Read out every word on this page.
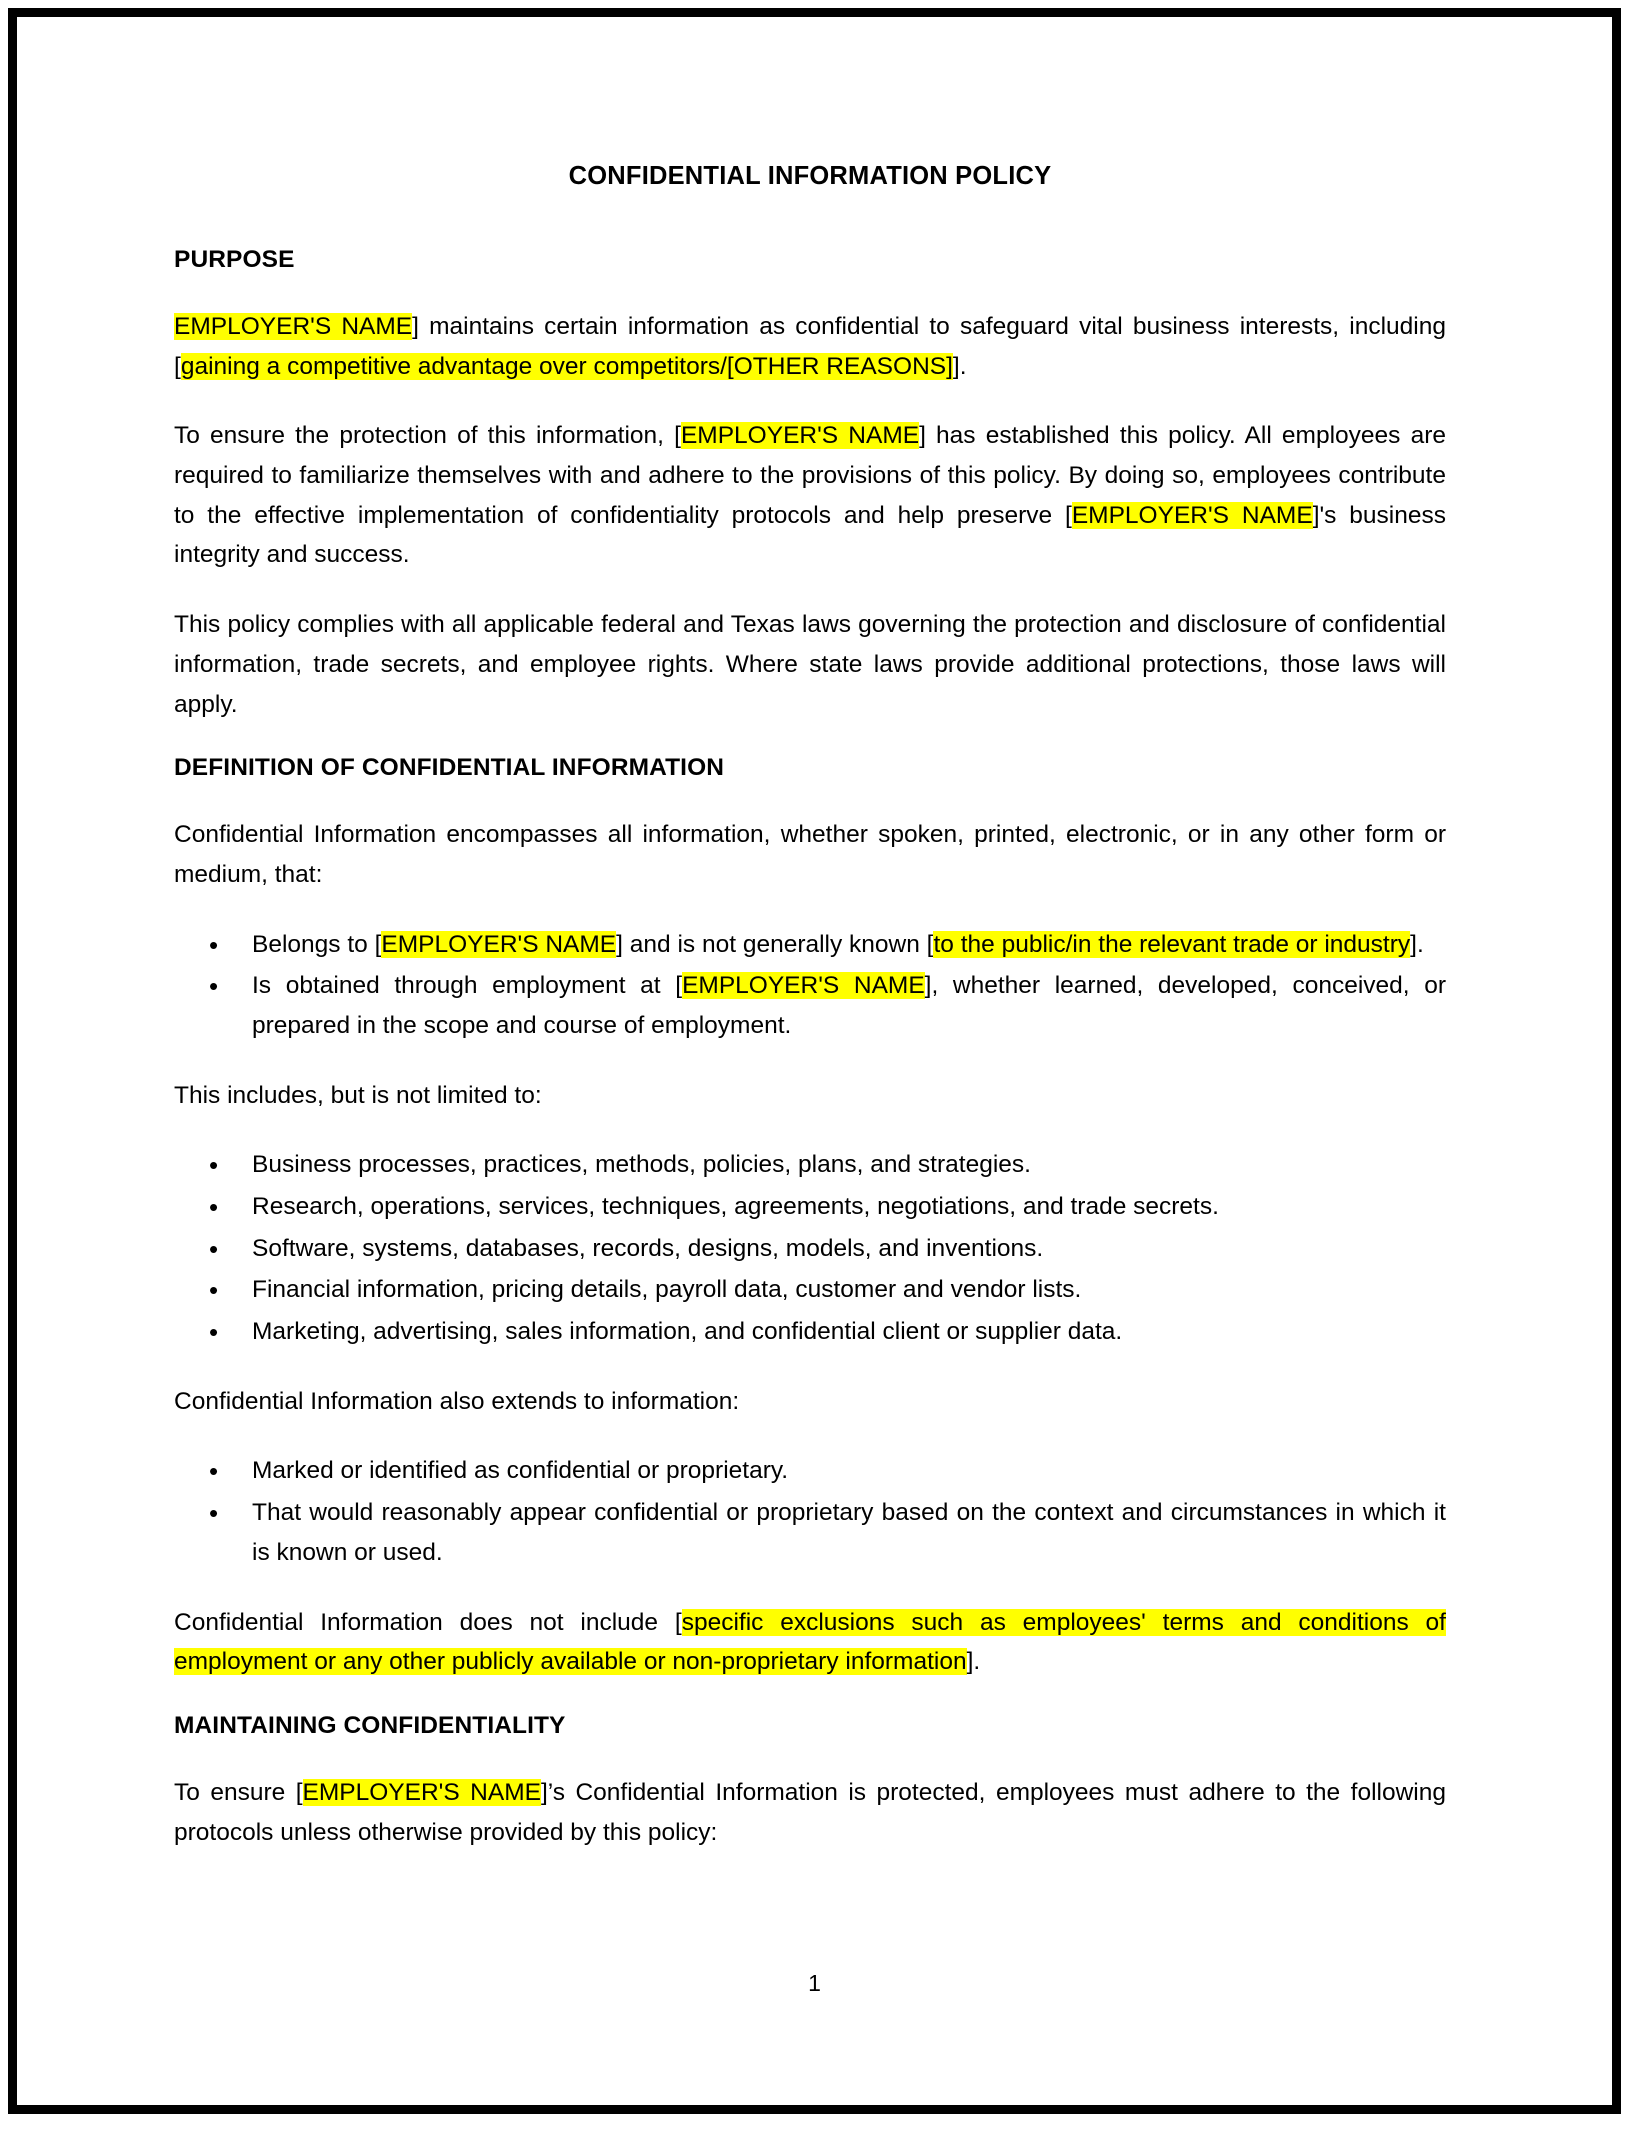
CONFIDENTIAL INFORMATION POLICY
PURPOSE

EMPLOYER'S NAME] maintains certain information as confidential to safeguard vital business interests, including [gaining a competitive advantage over competitors/[OTHER REASONS]].

To ensure the protection of this information, [EMPLOYER'S NAME] has established this policy. All employees are required to familiarize themselves with and adhere to the provisions of this policy. By doing so, employees contribute to the effective implementation of confidentiality protocols and help preserve [EMPLOYER'S NAME]'s business integrity and success.

This policy complies with all applicable federal and Texas laws governing the protection and disclosure of confidential information, trade secrets, and employee rights. Where state laws provide additional protections, those laws will apply.

DEFINITION OF CONFIDENTIAL INFORMATION

Confidential Information encompasses all information, whether spoken, printed, electronic, or in any other form or medium, that:

• Belongs to [EMPLOYER'S NAME] and is not generally known [to the public/in the relevant trade or industry].
• Is obtained through employment at [EMPLOYER'S NAME], whether learned, developed, conceived, or prepared in the scope and course of employment.

This includes, but is not limited to:

• Business processes, practices, methods, policies, plans, and strategies.
• Research, operations, services, techniques, agreements, negotiations, and trade secrets.
• Software, systems, databases, records, designs, models, and inventions.
• Financial information, pricing details, payroll data, customer and vendor lists.
• Marketing, advertising, sales information, and confidential client or supplier data.

Confidential Information also extends to information:

• Marked or identified as confidential or proprietary.
• That would reasonably appear confidential or proprietary based on the context and circumstances in which it is known or used.

Confidential Information does not include [specific exclusions such as employees' terms and conditions of employment or any other publicly available or non-proprietary information].

MAINTAINING CONFIDENTIALITY

To ensure [EMPLOYER'S NAME]’s Confidential Information is protected, employees must adhere to the following protocols unless otherwise provided by this policy:

1
